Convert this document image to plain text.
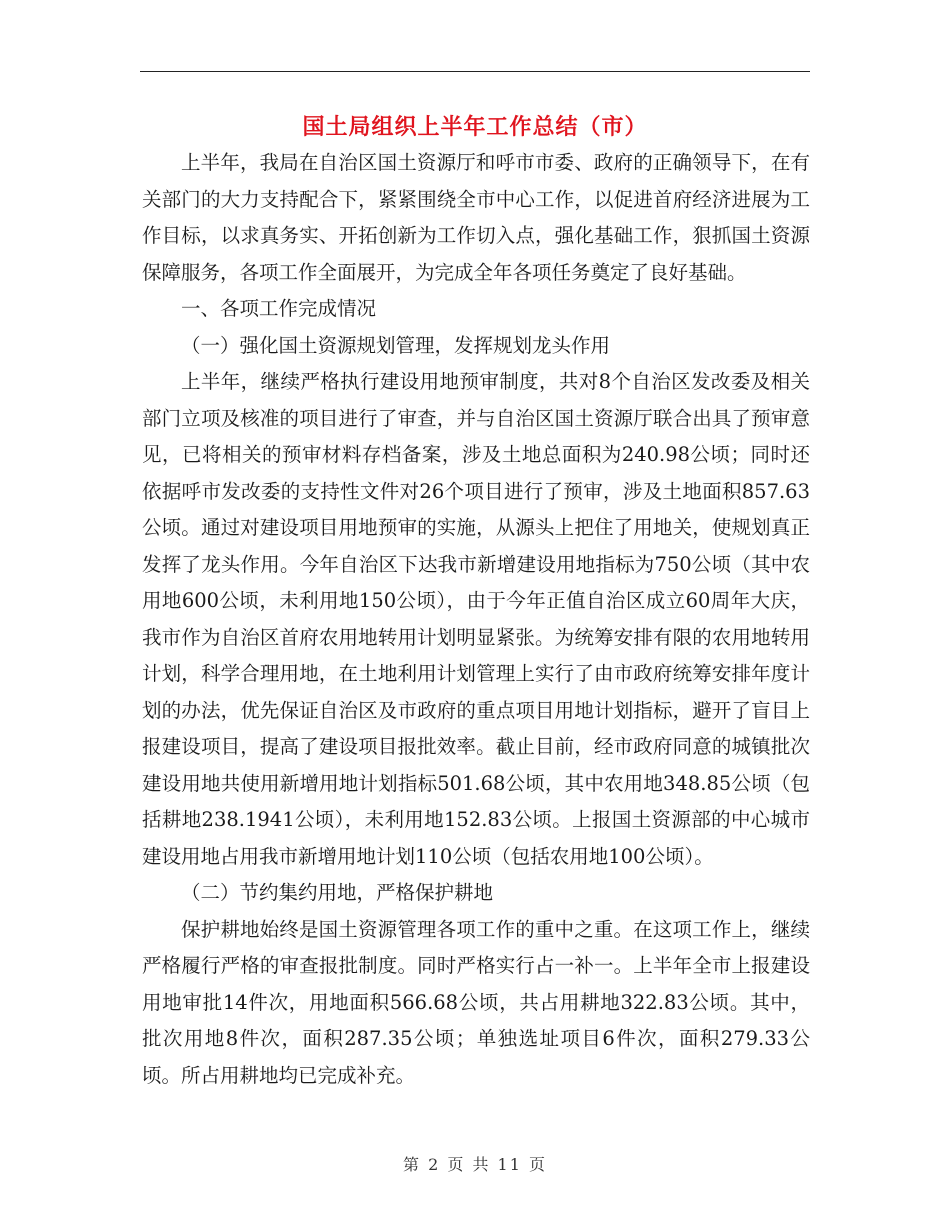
国土局组织上半年工作总结（市）

上半年，我局在自治区国土资源厅和呼市市委、政府的正确领导下，在有关部门的大力支持配合下，紧紧围绕全市中心工作，以促进首府经济进展为工作目标，以求真务实、开拓创新为工作切入点，强化基础工作，狠抓国土资源保障服务，各项工作全面展开，为完成全年各项任务奠定了良好基础。

一、各项工作完成情况

（一）强化国土资源规划管理，发挥规划龙头作用

上半年，继续严格执行建设用地预审制度，共对8个自治区发改委及相关部门立项及核准的项目进行了审查，并与自治区国土资源厅联合出具了预审意见，已将相关的预审材料存档备案，涉及土地总面积为240.98公顷；同时还依据呼市发改委的支持性文件对26个项目进行了预审，涉及土地面积857.63公顷。通过对建设项目用地预审的实施，从源头上把住了用地关，使规划真正发挥了龙头作用。今年自治区下达我市新增建设用地指标为750公顷（其中农用地600公顷，未利用地150公顷），由于今年正值自治区成立60周年大庆，我市作为自治区首府农用地转用计划明显紧张。为统筹安排有限的农用地转用计划，科学合理用地，在土地利用计划管理上实行了由市政府统筹安排年度计划的办法，优先保证自治区及市政府的重点项目用地计划指标，避开了盲目上报建设项目，提高了建设项目报批效率。截止目前，经市政府同意的城镇批次建设用地共使用新增用地计划指标501.68公顷，其中农用地348.85公顷（包括耕地238.1941公顷），未利用地152.83公顷。上报国土资源部的中心城市建设用地占用我市新增用地计划110公顷（包括农用地100公顷）。

（二）节约集约用地，严格保护耕地

保护耕地始终是国土资源管理各项工作的重中之重。在这项工作上，继续严格履行严格的审查报批制度。同时严格实行占一补一。上半年全市上报建设用地审批14件次，用地面积566.68公顷，共占用耕地322.83公顷。其中，批次用地8件次，面积287.35公顷；单独选址项目6件次，面积279.33公顷。所占用耕地均已完成补充。

第 2 页 共 11 页
